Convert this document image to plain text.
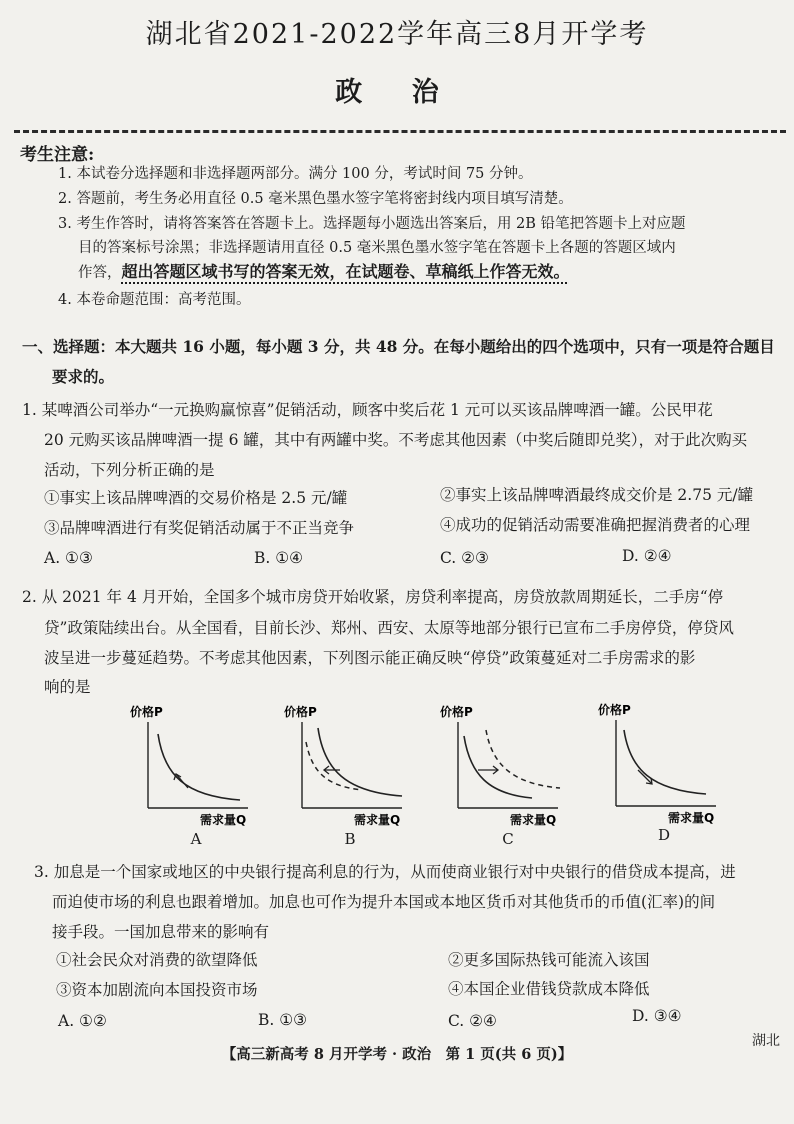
湖北省2021-2022学年高三8月开学考
政 治
考生注意:
1. 本试卷分选择题和非选择题两部分。满分 100 分，考试时间 75 分钟。
2. 答题前，考生务必用直径 0.5 毫米黑色墨水签字笔将密封线内项目填写清楚。
3. 考生作答时，请将答案答在答题卡上。选择题每小题选出答案后，用 2B 铅笔把答题卡上对应题
目的答案标号涂黑；非选择题请用直径 0.5 毫米黑色墨水签字笔在答题卡上各题的答题区域内
作答，超出答题区域书写的答案无效，在试题卷、草稿纸上作答无效。
4. 本卷命题范围：高考范围。
一、选择题：本大题共 16 小题，每小题 3 分，共 48 分。在每小题给出的四个选项中，只有一项是符合题目
要求的。
1. 某啤酒公司举办“一元换购赢惊喜”促销活动，顾客中奖后花 1 元可以买该品牌啤酒一罐。公民甲花
20 元购买该品牌啤酒一提 6 罐，其中有两罐中奖。不考虑其他因素（中奖后随即兑奖），对于此次购买
活动，下列分析正确的是
①事实上该品牌啤酒的交易价格是 2.5 元/罐	②事实上该品牌啤酒最终成交价是 2.75 元/罐
③品牌啤酒进行有奖促销活动属于不正当竞争	④成功的促销活动需要准确把握消费者的心理
A. ①③	B. ①④	C. ②③	D. ②④
2. 从 2021 年 4 月开始，全国多个城市房贷开始收紧，房贷利率提高，房贷放款周期延长，二手房“停
贷”政策陆续出台。从全国看，目前长沙、郑州、西安、太原等地部分银行已宣布二手房停贷，停贷风
波呈进一步蔓延趋势。不考虑其他因素，下列图示能正确反映“停贷”政策蔓延对二手房需求的影
响的是
价格P
需求量Q
A
价格P
需求量Q
B
价格P
需求量Q
C
价格P
需求量Q
D
3. 加息是一个国家或地区的中央银行提高利息的行为，从而使商业银行对中央银行的借贷成本提高，进
而迫使市场的利息也跟着增加。加息也可作为提升本国或本地区货币对其他货币的币值(汇率)的间
接手段。一国加息带来的影响有
①社会民众对消费的欲望降低	②更多国际热钱可能流入该国
③资本加剧流向本国投资市场	④本国企业借钱贷款成本降低
A. ①②	B. ①③	C. ②④	D. ③④
湖北
【高三新高考 8 月开学考 · 政治　第 1 页(共 6 页)】
